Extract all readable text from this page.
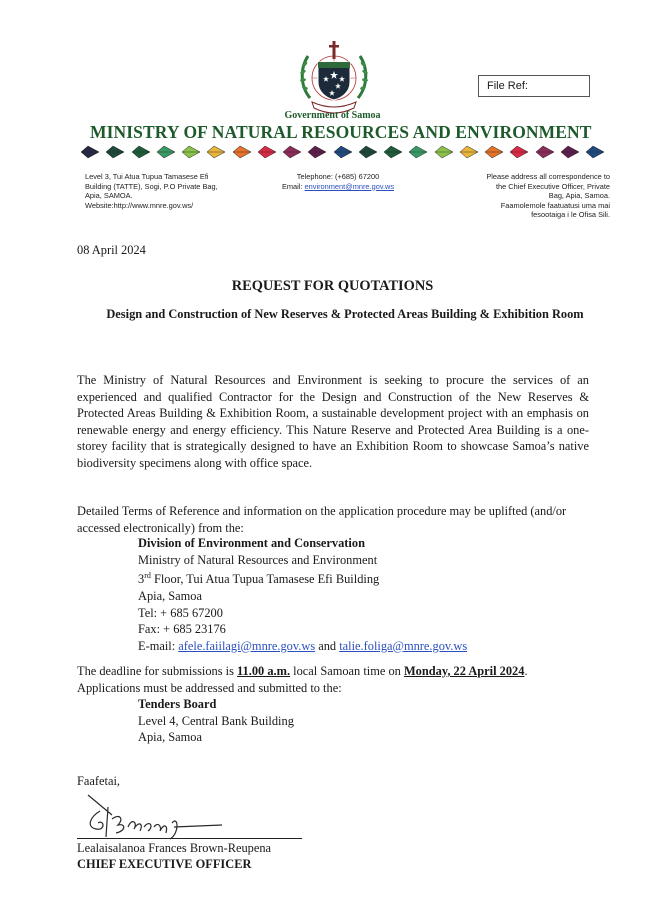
Government of Samoa
MINISTRY OF NATURAL RESOURCES AND ENVIRONMENT
File Ref:
Level 3, Tui Atua Tupua Tamasese Efi
Building (TATTE), Sogi, P.O Private Bag,
Apia, SAMOA.
Website:http://www.mnre.gov.ws/
Telephone: (+685) 67200
Email: environment@mnre.gov.ws
Please address all correspondence to
the Chief Executive Officer, Private
Bag, Apia, Samoa.
Faamolemole faatuatusi uma mai
fesootaiga i le Ofisa Sili.
08 April 2024
REQUEST FOR QUOTATIONS
Design and Construction of New Reserves & Protected Areas Building & Exhibition Room
The Ministry of Natural Resources and Environment is seeking to procure the services of an experienced and qualified Contractor for the Design and Construction of the New Reserves & Protected Areas Building & Exhibition Room, a sustainable development project with an emphasis on renewable energy and energy efficiency. This Nature Reserve and Protected Area Building is a one-storey facility that is strategically designed to have an Exhibition Room to showcase Samoa’s native biodiversity specimens along with office space.
Detailed Terms of Reference and information on the application procedure may be uplifted (and/or accessed electronically) from the:
Division of Environment and Conservation
Ministry of Natural Resources and Environment
3rd Floor, Tui Atua Tupua Tamasese Efi Building
Apia, Samoa
Tel: + 685 67200
Fax: + 685 23176
E-mail: afele.faiilagi@mnre.gov.ws and talie.foliga@mnre.gov.ws
The deadline for submissions is 11.00 a.m. local Samoan time on Monday, 22 April 2024.
Applications must be addressed and submitted to the:
Tenders Board
Level 4, Central Bank Building
Apia, Samoa
Faafetai,
Lealaisalanoa Frances Brown-Reupena
CHIEF EXECUTIVE OFFICER
